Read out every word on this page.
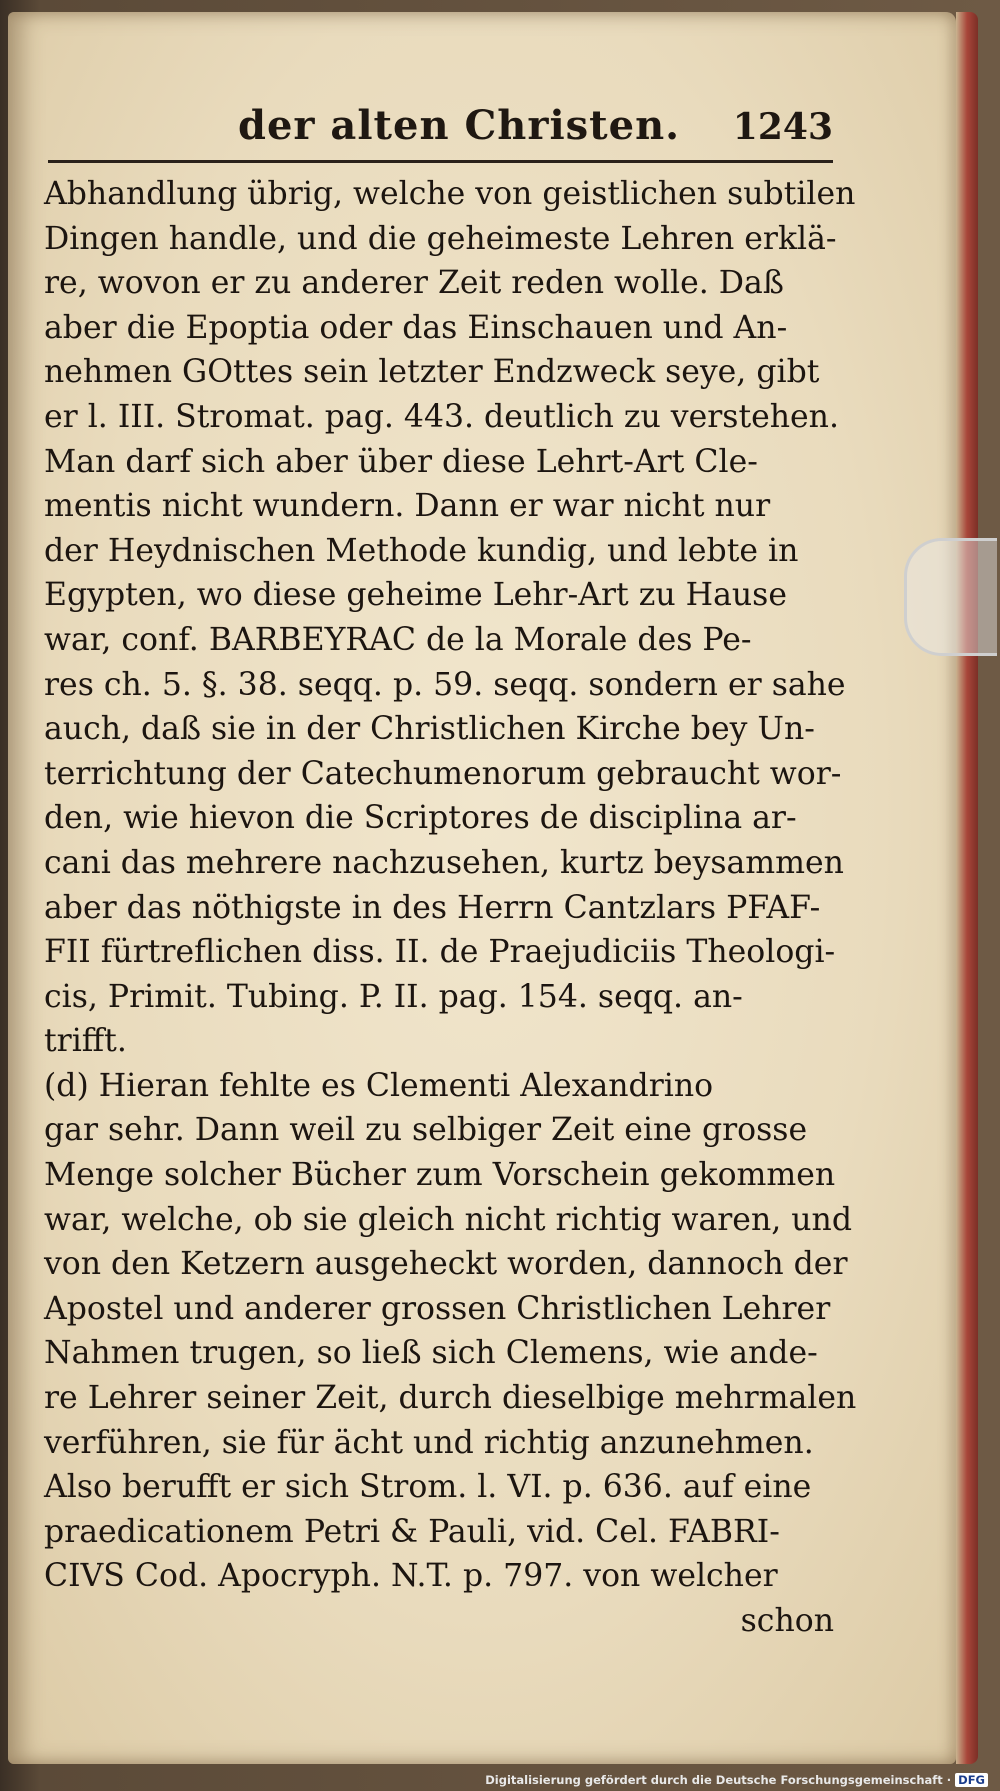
der alten Christen. 1243
Abhandlung übrig, welche von geistlichen subtilen
Dingen handle, und die geheimeste Lehren erklä-
re, wovon er zu anderer Zeit reden wolle. Daß
aber die Epoptia oder das Einschauen und An-
nehmen GOttes sein letzter Endzweck seye, gibt
er l. III. Stromat. pag. 443. deutlich zu verstehen.
Man darf sich aber über diese Lehrt-Art Cle-
mentis nicht wundern. Dann er war nicht nur
der Heydnischen Methode kundig, und lebte in
Egypten, wo diese geheime Lehr-Art zu Hause
war, conf. BARBEYRAC de la Morale des Pe-
res ch. 5. §. 38. seqq. p. 59. seqq. sondern er sahe
auch, daß sie in der Christlichen Kirche bey Un-
terrichtung der Catechumenorum gebraucht wor-
den, wie hievon die Scriptores de disciplina ar-
cani das mehrere nachzusehen, kurtz beysammen
aber das nöthigste in des Herrn Cantzlars PFAF-
FII fürtreflichen diss. II. de Praejudiciis Theologi-
cis, Primit. Tubing. P. II. pag. 154. seqq. an-
trifft.
(d) Hieran fehlte es Clementi Alexandrino
gar sehr. Dann weil zu selbiger Zeit eine grosse
Menge solcher Bücher zum Vorschein gekommen
war, welche, ob sie gleich nicht richtig waren, und
von den Ketzern ausgeheckt worden, dannoch der
Apostel und anderer grossen Christlichen Lehrer
Nahmen trugen, so ließ sich Clemens, wie ande-
re Lehrer seiner Zeit, durch dieselbige mehrmalen
verführen, sie für ächt und richtig anzunehmen.
Also berufft er sich Strom. l. VI. p. 636. auf eine
praedicationem Petri & Pauli, vid. Cel. FABRI-
CIVS Cod. Apocryph. N.T. p. 797. von welcher
schon
Digitalisierung gefördert durch die Deutsche Forschungsgemeinschaft · DFG
